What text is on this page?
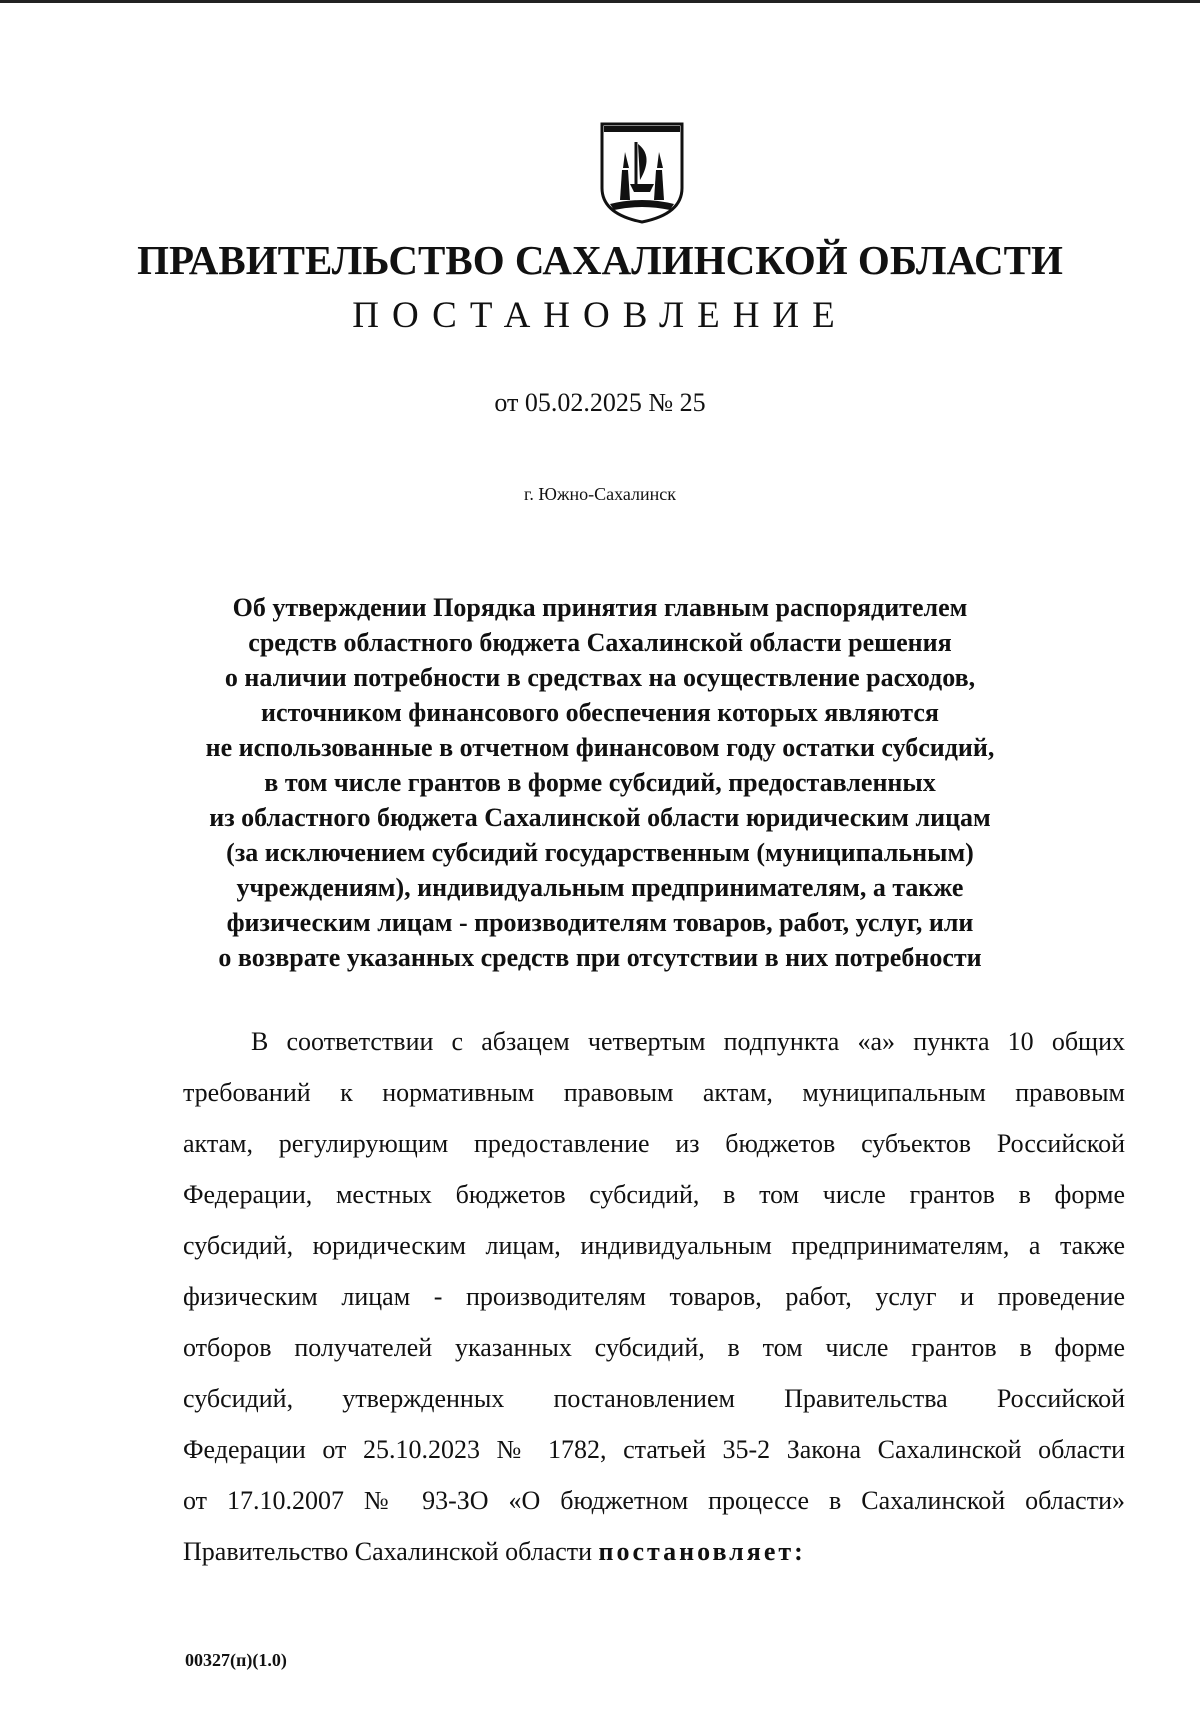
ПРАВИТЕЛЬСТВО САХАЛИНСКОЙ ОБЛАСТИ
ПОСТАНОВЛЕНИЕ
от 05.02.2025 № 25
г. Южно-Сахалинск
Об утверждении Порядка принятия главным распорядителем
средств областного бюджета Сахалинской области решения
о наличии потребности в средствах на осуществление расходов,
источником финансового обеспечения которых являются
не использованные в отчетном финансовом году остатки субсидий,
в том числе грантов в форме субсидий, предоставленных
из областного бюджета Сахалинской области юридическим лицам
(за исключением субсидий государственным (муниципальным)
учреждениям), индивидуальным предпринимателям, а также
физическим лицам - производителям товаров, работ, услуг, или
о возврате указанных средств при отсутствии в них потребности
В соответствии с абзацем четвертым подпункта «а» пункта 10 общих
требований к нормативным правовым актам, муниципальным правовым
актам, регулирующим предоставление из бюджетов субъектов Российской
Федерации, местных бюджетов субсидий, в том числе грантов в форме
субсидий, юридическим лицам, индивидуальным предпринимателям, а также
физическим лицам - производителям товаров, работ, услуг и проведение
отборов получателей указанных субсидий, в том числе грантов в форме
субсидий, утвержденных постановлением Правительства Российской
Федерации от 25.10.2023 № 1782, статьей 35-2 Закона Сахалинской области
от 17.10.2007 № 93-ЗО «О бюджетном процессе в Сахалинской области»
Правительство Сахалинской области постановляет:
00327(п)(1.0)
